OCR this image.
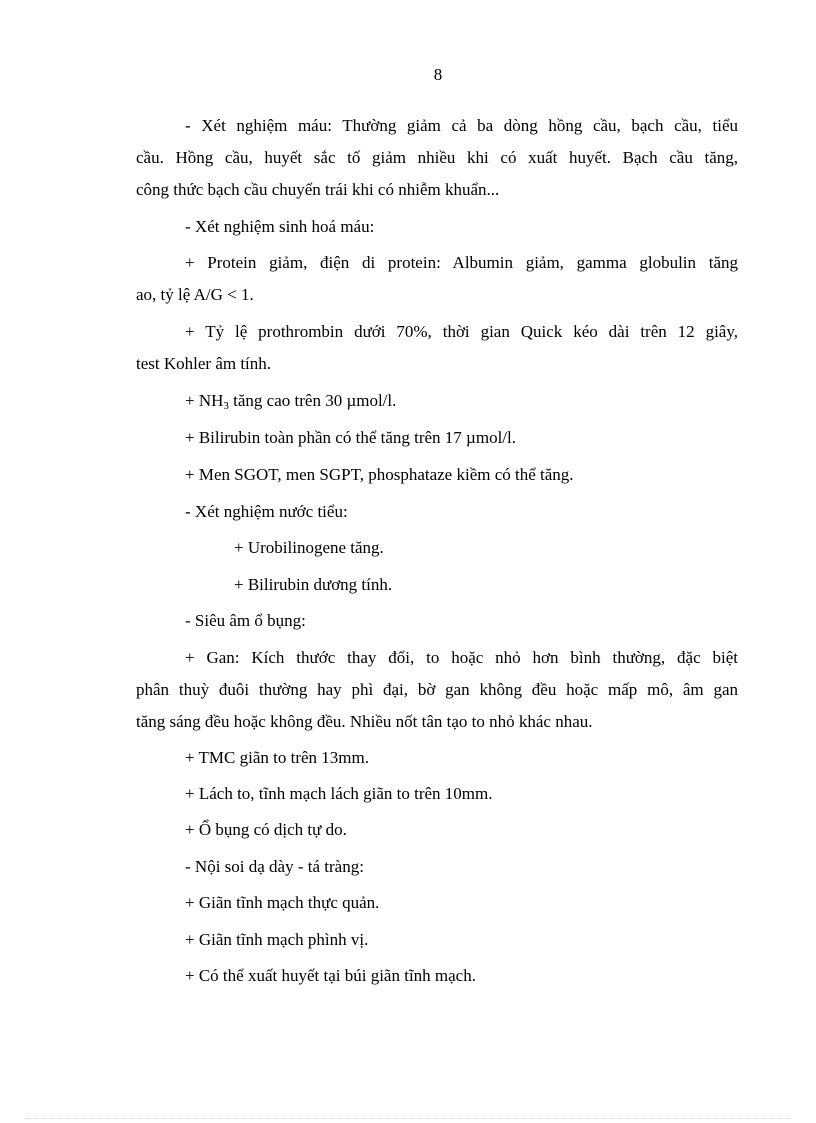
8
- Xét nghiệm máu: Thường giảm cả ba dòng hồng cầu, bạch cầu, tiểu
cầu. Hồng cầu, huyết sắc tố giảm nhiều khi có xuất huyết. Bạch cầu tăng,
công thức bạch cầu chuyển trái khi có nhiễm khuẩn...
- Xét nghiệm sinh hoá máu:
+ Protein giảm, điện di protein: Albumin giảm, gamma globulin tăng
ao, tỷ lệ A/G < 1.
+ Tỷ lệ prothrombin dưới 70%, thời gian Quick kéo dài trên 12 giây,
test Kohler âm tính.
+ $NH_3$ tăng cao trên 30 µmol/l.
+ Bilirubin toàn phần có thể tăng trên 17 µmol/l.
+ Men SGOT, men SGPT, phosphataze kiềm có thể tăng.
- Xét nghiệm nước tiểu:
+ Urobilinogene tăng.
+ Bilirubin dương tính.
- Siêu âm ổ bụng:
+ Gan: Kích thước thay đổi, to hoặc nhỏ hơn bình thường, đặc biệt
phân thuỳ đuôi thường hay phì đại, bờ gan không đều hoặc mấp mô, âm gan
tăng sáng đều hoặc không đều. Nhiều nốt tân tạo to nhỏ khác nhau.
+ TMC giãn to trên 13mm.
+ Lách to, tĩnh mạch lách giãn to trên 10mm.
+ Ổ bụng có dịch tự do.
- Nội soi dạ dày - tá tràng:
+ Giãn tĩnh mạch thực quản.
+ Giãn tĩnh mạch phình vị.
+ Có thể xuất huyết tại búi giãn tĩnh mạch.
